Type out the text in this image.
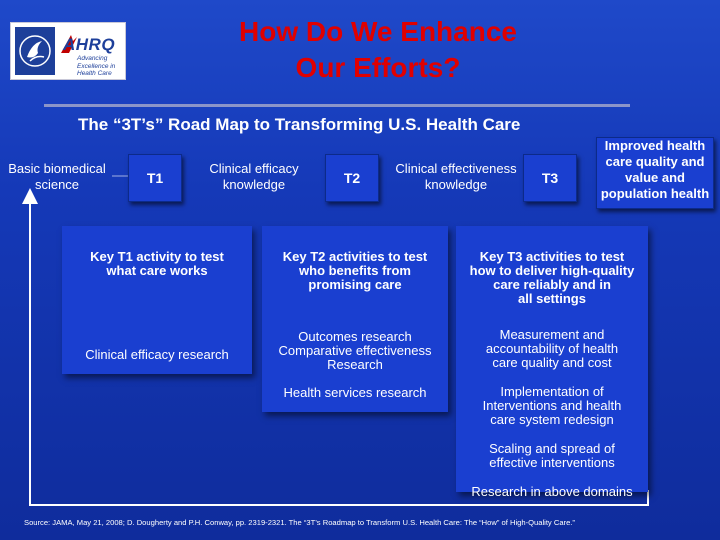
AHRQ
Advancing
Excellence in
Health Care
How Do We Enhance
Our Efforts?
The “3T’s” Road Map to Transforming U.S. Health Care
Basic biomedical
science	T1
Clinical efficacy
knowledge	T2
Clinical effectiveness
knowledge	T3
Improved health
care quality and
value and
population health

Key T1 activity to test

what care works

Clinical efficacy research

Key T2 activities to test

who benefits from

promising care

Outcomes research

Comparative effectiveness

Research

Health services research

Key T3 activities to test

how to deliver high-quality

care reliably and in

all settings

Measurement and

accountability of health

care quality and cost

Implementation of

Interventions and health

care system redesign

Scaling and spread of

effective interventions

Research in above domains

Source: JAMA, May 21, 2008; D. Dougherty and P.H. Conway, pp. 2319-2321. The “3T’s Roadmap to Transform U.S. Health Care: The “How” of High-Quality Care.”
